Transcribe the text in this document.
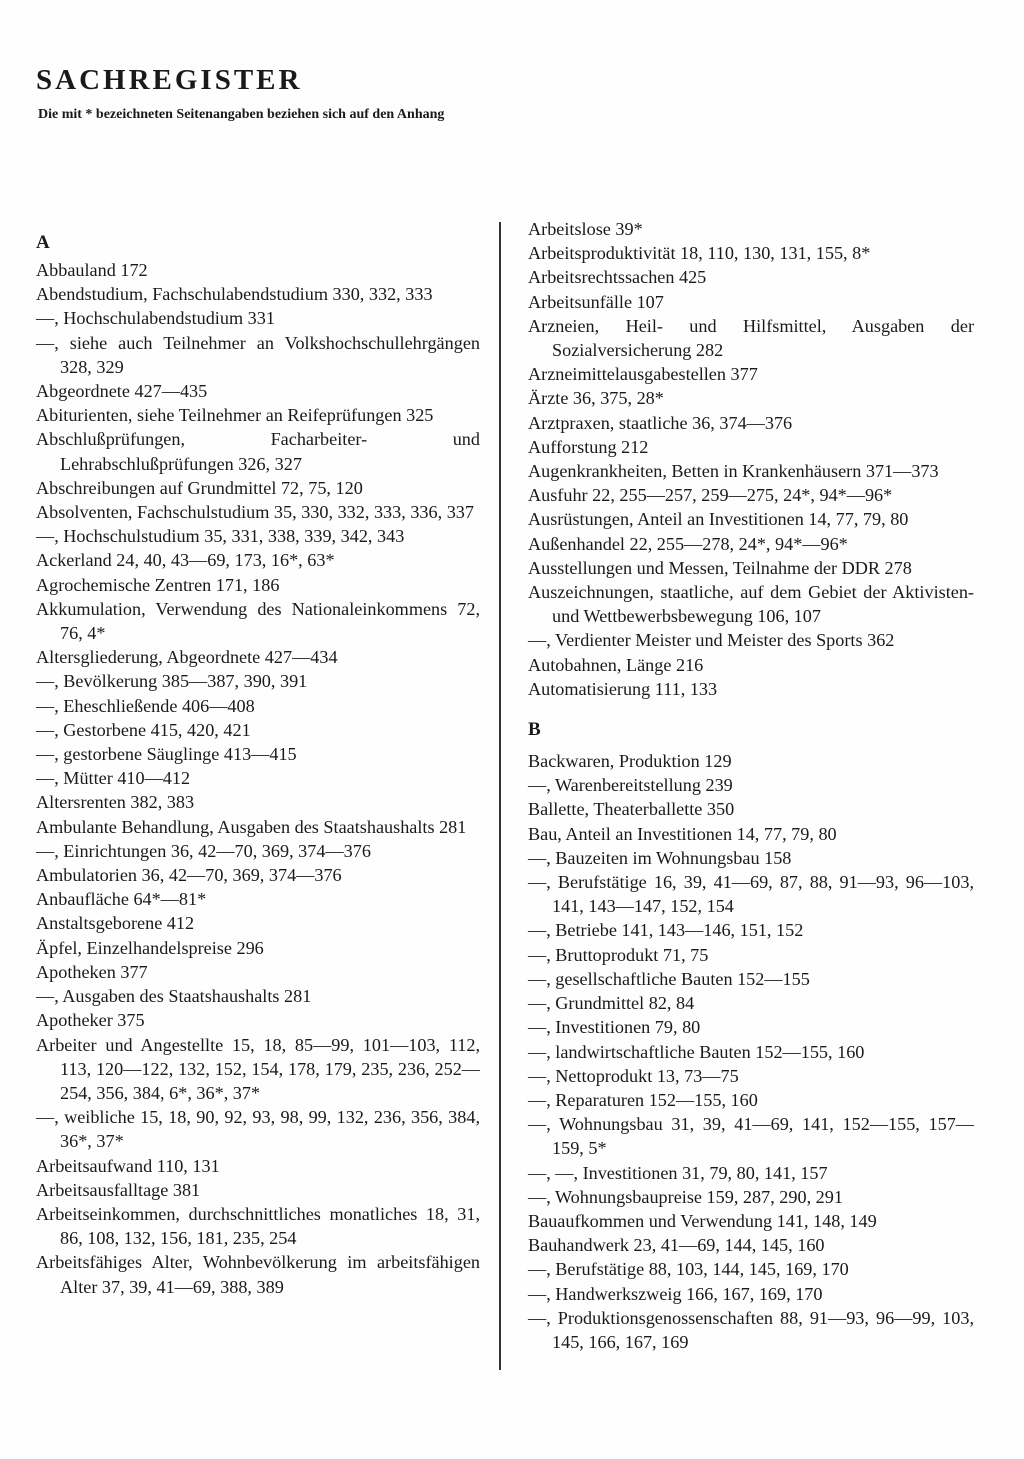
SACHREGISTER

Die mit * bezeichneten Seitenangaben beziehen sich auf den Anhang

A
Abbauland 172
Abendstudium, Fachschulabendstudium 330, 332, 333
—, Hochschulabendstudium 331
—, siehe auch Teilnehmer an Volkshochschullehrgängen 328, 329
Abgeordnete 427—435
Abiturienten, siehe Teilnehmer an Reifeprüfungen 325
Abschlußprüfungen, Facharbeiter- und Lehrabschlußprüfungen 326, 327
Abschreibungen auf Grundmittel 72, 75, 120
Absolventen, Fachschulstudium 35, 330, 332, 333, 336, 337
—, Hochschulstudium 35, 331, 338, 339, 342, 343
Ackerland 24, 40, 43—69, 173, 16*, 63*
Agrochemische Zentren 171, 186
Akkumulation, Verwendung des Nationaleinkommens 72, 76, 4*
Altersgliederung, Abgeordnete 427—434
—, Bevölkerung 385—387, 390, 391
—, Eheschließende 406—408
—, Gestorbene 415, 420, 421
—, gestorbene Säuglinge 413—415
—, Mütter 410—412
Altersrenten 382, 383
Ambulante Behandlung, Ausgaben des Staatshaushalts 281
—, Einrichtungen 36, 42—70, 369, 374—376
Ambulatorien 36, 42—70, 369, 374—376
Anbaufläche 64*—81*
Anstaltsgeborene 412
Äpfel, Einzelhandelspreise 296
Apotheken 377
—, Ausgaben des Staatshaushalts 281
Apotheker 375
Arbeiter und Angestellte 15, 18, 85—99, 101—103, 112, 113, 120—122, 132, 152, 154, 178, 179, 235, 236, 252—254, 356, 384, 6*, 36*, 37*
—, weibliche 15, 18, 90, 92, 93, 98, 99, 132, 236, 356, 384, 36*, 37*
Arbeitsaufwand 110, 131
Arbeitsausfalltage 381
Arbeitseinkommen, durchschnittliches monatliches 18, 31, 86, 108, 132, 156, 181, 235, 254
Arbeitsfähiges Alter, Wohnbevölkerung im arbeitsfähigen Alter 37, 39, 41—69, 388, 389
Arbeitslose 39*
Arbeitsproduktivität 18, 110, 130, 131, 155, 8*
Arbeitsrechtssachen 425
Arbeitsunfälle 107
Arzneien, Heil- und Hilfsmittel, Ausgaben der Sozialversicherung 282
Arzneimittelausgabestellen 377
Ärzte 36, 375, 28*
Arztpraxen, staatliche 36, 374—376
Aufforstung 212
Augenkrankheiten, Betten in Krankenhäusern 371—373
Ausfuhr 22, 255—257, 259—275, 24*, 94*—96*
Ausrüstungen, Anteil an Investitionen 14, 77, 79, 80
Außenhandel 22, 255—278, 24*, 94*—96*
Ausstellungen und Messen, Teilnahme der DDR 278
Auszeichnungen, staatliche, auf dem Gebiet der Aktivisten- und Wettbewerbsbewegung 106, 107
—, Verdienter Meister und Meister des Sports 362
Autobahnen, Länge 216
Automatisierung 111, 133
B
Backwaren, Produktion 129
—, Warenbereitstellung 239
Ballette, Theaterballette 350
Bau, Anteil an Investitionen 14, 77, 79, 80
—, Bauzeiten im Wohnungsbau 158
—, Berufstätige 16, 39, 41—69, 87, 88, 91—93, 96—103, 141, 143—147, 152, 154
—, Betriebe 141, 143—146, 151, 152
—, Bruttoprodukt 71, 75
—, gesellschaftliche Bauten 152—155
—, Grundmittel 82, 84
—, Investitionen 79, 80
—, landwirtschaftliche Bauten 152—155, 160
—, Nettoprodukt 13, 73—75
—, Reparaturen 152—155, 160
—, Wohnungsbau 31, 39, 41—69, 141, 152—155, 157—159, 5*
—, —, Investitionen 31, 79, 80, 141, 157
—, Wohnungsbaupreise 159, 287, 290, 291
Bauaufkommen und Verwendung 141, 148, 149
Bauhandwerk 23, 41—69, 144, 145, 160
—, Berufstätige 88, 103, 144, 145, 169, 170
—, Handwerkszweig 166, 167, 169, 170
—, Produktionsgenossenschaften 88, 91—93, 96—99, 103, 145, 166, 167, 169
